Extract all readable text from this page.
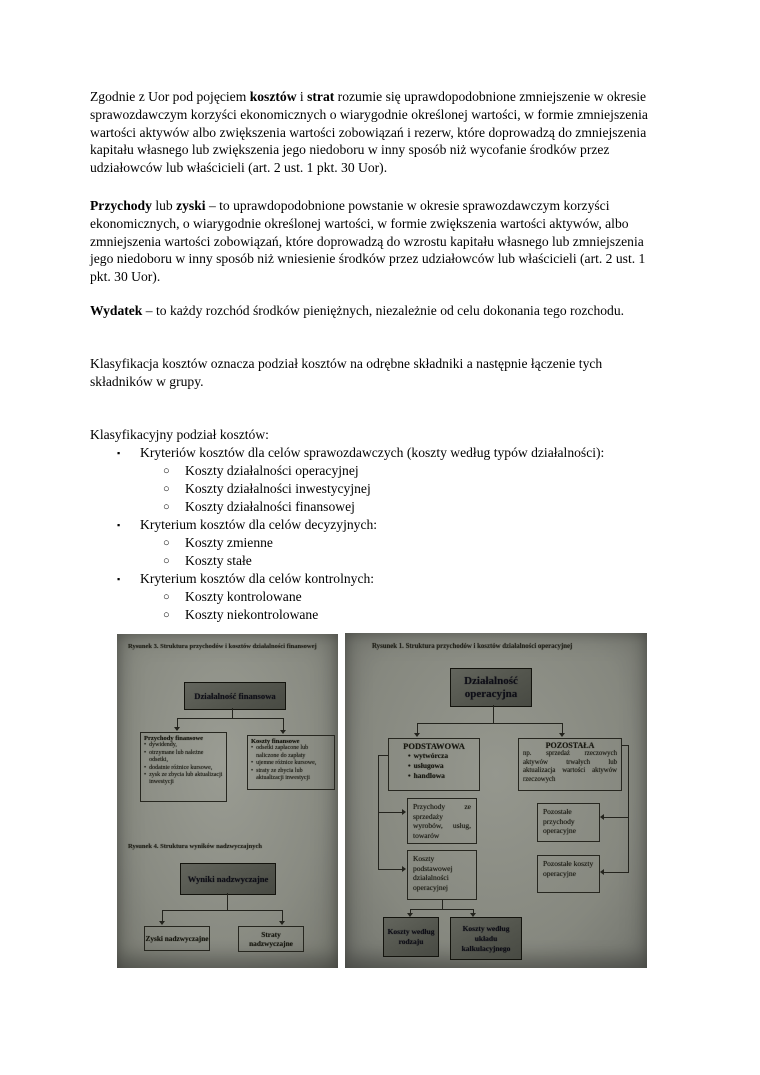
Zgodnie z Uor pod pojęciem kosztów i strat rozumie się uprawdopodobnione zmniejszenie w okresie sprawozdawczym korzyści ekonomicznych o wiarygodnie określonej wartości, w formie zmniejszenia wartości aktywów albo zwiększenia wartości zobowiązań i rezerw, które doprowadzą do zmniejszenia kapitału własnego lub zwiększenia jego niedoboru w inny sposób niż wycofanie środków przez udziałowców lub właścicieli (art. 2 ust. 1 pkt. 30 Uor).

Przychody lub zyski – to uprawdopodobnione powstanie w okresie sprawozdawczym korzyści ekonomicznych, o wiarygodnie określonej wartości, w formie zwiększenia wartości aktywów, albo zmniejszenia wartości zobowiązań, które doprowadzą do wzrostu kapitału własnego lub zmniejszenia jego niedoboru w inny sposób niż wniesienie środków przez udziałowców lub właścicieli (art. 2 ust. 1 pkt. 30 Uor).

Wydatek – to każdy rozchód środków pieniężnych, niezależnie od celu dokonania tego rozchodu.

Klasyfikacja kosztów oznacza podział kosztów na odrębne składniki a następnie łączenie tych składników w grupy.

Klasyfikacyjny podział kosztów:
▪	Kryteriów kosztów dla celów sprawozdawczych (koszty według typów działalności):
○	Koszty działalności operacyjnej
○	Koszty działalności inwestycyjnej
○	Koszty działalności finansowej
▪	Kryterium kosztów dla celów decyzyjnych:
○	Koszty zmienne
○	Koszty stałe
▪	Kryterium kosztów dla celów kontrolnych:
○	Koszty kontrolowane
○	Koszty niekontrolowane
Rysunek 3. Struktura przychodów i kosztów działalności finansowej
Działalność finansowa
Przychody finansowe
• dywidendy,
• otrzymane lub należne odsetki,
• dodatnie różnice kursowe,
• zysk ze zbycia lub aktualizacji inwestycji
Koszty finansowe
• odsetki zapłacone lub naliczone do zapłaty
• ujemne różnice kursowe,
• straty ze zbycia lub aktualizacji inwestycji
Rysunek 4. Struktura wyników nadzwyczajnych
Wyniki nadzwyczajne
Zyski nadzwyczajne	Straty nadzwyczajne
Rysunek 1. Struktura przychodów i kosztów działalności operacyjnej
Działalność operacyjna
PODSTAWOWA
• wytwórcza
• usługowa
• handlowa
POZOSTAŁA
np. sprzedaż rzeczowych aktywów trwałych lub aktualizacja wartości aktywów rzeczowych
Przychody ze sprzedaży wyrobów, usług, towarów
Koszty podstawowej działalności operacyjnej
Pozostałe przychody operacyjne
Pozostałe koszty operacyjne
Koszty według rodzaju
Koszty według układu kalkulacyjnego
